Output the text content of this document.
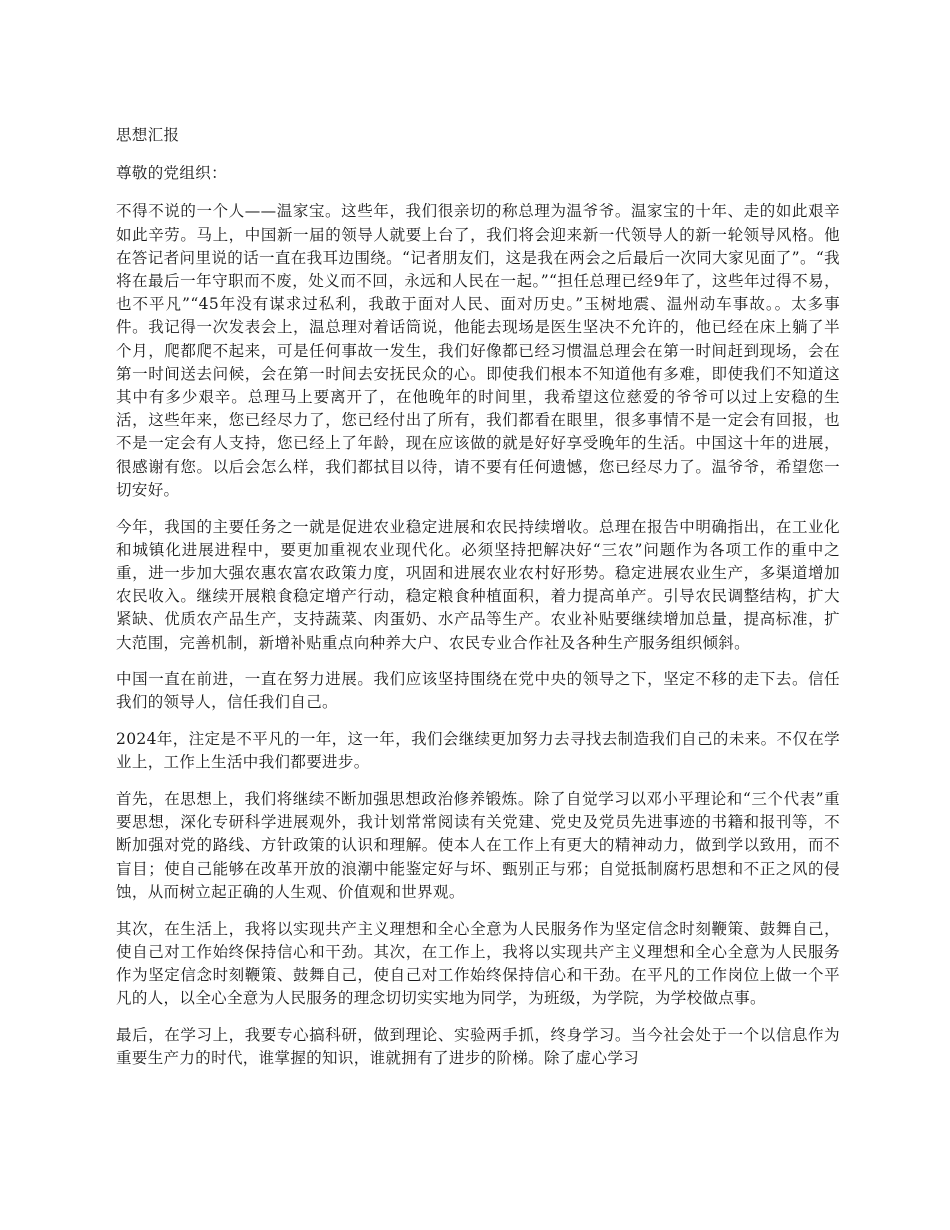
思想汇报

尊敬的党组织：

不得不说的一个人——温家宝。这些年，我们很亲切的称总理为温爷爷。温家宝的十年、走的如此艰辛如此辛劳。马上，中国新一届的领导人就要上台了，我们将会迎来新一代领导人的新一轮领导风格。他在答记者问里说的话一直在我耳边围绕。“记者朋友们，这是我在两会之后最后一次同大家见面了”。“我将在最后一年守职而不废，处义而不回，永远和人民在一起。”“担任总理已经9年了，这些年过得不易，也不平凡”“45年没有谋求过私利，我敢于面对人民、面对历史。”玉树地震、温州动车事故。。太多事件。我记得一次发表会上，温总理对着话筒说，他能去现场是医生坚决不允许的，他已经在床上躺了半个月，爬都爬不起来，可是任何事故一发生，我们好像都已经习惯温总理会在第一时间赶到现场，会在第一时间送去问候，会在第一时间去安抚民众的心。即使我们根本不知道他有多难，即使我们不知道这其中有多少艰辛。总理马上要离开了，在他晚年的时间里，我希望这位慈爱的爷爷可以过上安稳的生活，这些年来，您已经尽力了，您已经付出了所有，我们都看在眼里，很多事情不是一定会有回报，也不是一定会有人支持，您已经上了年龄，现在应该做的就是好好享受晚年的生活。中国这十年的进展，很感谢有您。以后会怎么样，我们都拭目以待，请不要有任何遗憾，您已经尽力了。温爷爷，希望您一切安好。

今年，我国的主要任务之一就是促进农业稳定进展和农民持续增收。总理在报告中明确指出，在工业化和城镇化进展进程中，要更加重视农业现代化。必须坚持把解决好“三农”问题作为各项工作的重中之重，进一步加大强农惠农富农政策力度，巩固和进展农业农村好形势。稳定进展农业生产，多渠道增加农民收入。继续开展粮食稳定增产行动，稳定粮食种植面积，着力提高单产。引导农民调整结构，扩大紧缺、优质农产品生产，支持蔬菜、肉蛋奶、水产品等生产。农业补贴要继续增加总量，提高标准，扩大范围，完善机制，新增补贴重点向种养大户、农民专业合作社及各种生产服务组织倾斜。

中国一直在前进，一直在努力进展。我们应该坚持围绕在党中央的领导之下，坚定不移的走下去。信任我们的领导人，信任我们自己。

2024年，注定是不平凡的一年，这一年，我们会继续更加努力去寻找去制造我们自己的未来。不仅在学业上，工作上生活中我们都要进步。

首先，在思想上，我们将继续不断加强思想政治修养锻炼。除了自觉学习以邓小平理论和“三个代表”重要思想，深化专研科学进展观外，我计划常常阅读有关党建、党史及党员先进事迹的书籍和报刊等，不断加强对党的路线、方针政策的认识和理解。使本人在工作上有更大的精神动力，做到学以致用，而不盲目；使自己能够在改革开放的浪潮中能鉴定好与坏、甄别正与邪；自觉抵制腐朽思想和不正之风的侵蚀，从而树立起正确的人生观、价值观和世界观。

其次，在生活上，我将以实现共产主义理想和全心全意为人民服务作为坚定信念时刻鞭策、鼓舞自己，使自己对工作始终保持信心和干劲。其次，在工作上，我将以实现共产主义理想和全心全意为人民服务作为坚定信念时刻鞭策、鼓舞自己，使自己对工作始终保持信心和干劲。在平凡的工作岗位上做一个平凡的人，以全心全意为人民服务的理念切切实实地为同学，为班级，为学院，为学校做点事。

最后，在学习上，我要专心搞科研，做到理论、实验两手抓，终身学习。当今社会处于一个以信息作为重要生产力的时代，谁掌握的知识，谁就拥有了进步的阶梯。除了虚心学习
